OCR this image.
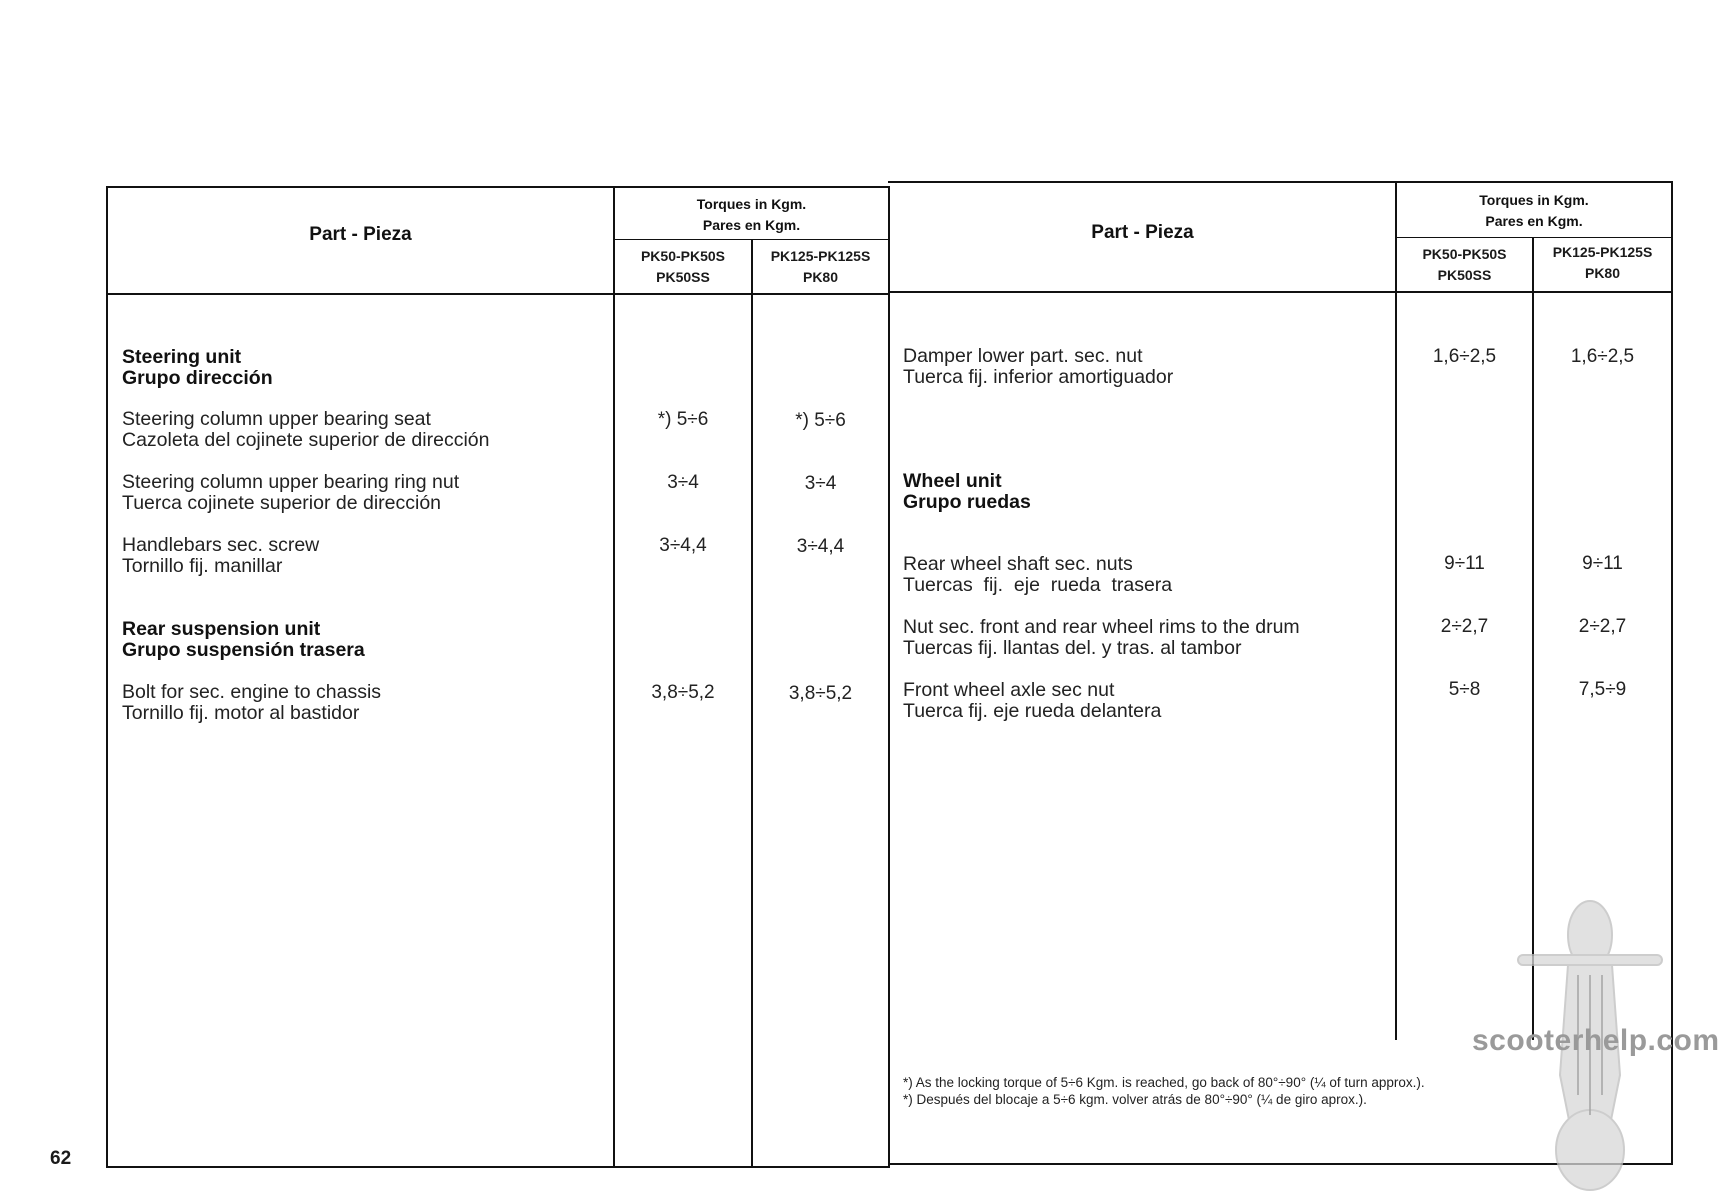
62
Part - Pieza
Torques in Kgm.
Pares en Kgm.
PK50-PK50S
PK50SS
PK125-PK125S
PK80
Steering unit
Grupo dirección
Steering column upper bearing seat
Cazoleta del cojinete superior de dirección
*) 5÷6	*) 5÷6
Steering column upper bearing ring nut
Tuerca cojinete superior de dirección
3÷4	3÷4
Handlebars sec. screw
Tornillo fij. manillar
3÷4,4	3÷4,4
Rear suspension unit
Grupo suspensión trasera
Bolt for sec. engine to chassis
Tornillo fij. motor al bastidor
3,8÷5,2	3,8÷5,2
Part - Pieza
Torques in Kgm.
Pares en Kgm.
PK50-PK50S
PK50SS
PK125-PK125S
PK80
Damper lower part. sec. nut
Tuerca fij. inferior amortiguador
1,6÷2,5	1,6÷2,5
Wheel unit
Grupo ruedas
Rear wheel shaft sec. nuts
Tuercas  fij.  eje  rueda  trasera
9÷11	9÷11
Nut sec. front and rear wheel rims to the drum
Tuercas fij. llantas del. y tras. al tambor
2÷2,7	2÷2,7
Front wheel axle sec nut
Tuerca fij. eje rueda delantera
5÷8	7,5÷9
*) As the locking torque of 5÷6 Kgm. is reached, go back of 80°÷90° (¼ of turn approx.).
*) Después del blocaje a 5÷6 kgm. volver atrás de 80°÷90° (¼ de giro aprox.).
scooterhelp.com
